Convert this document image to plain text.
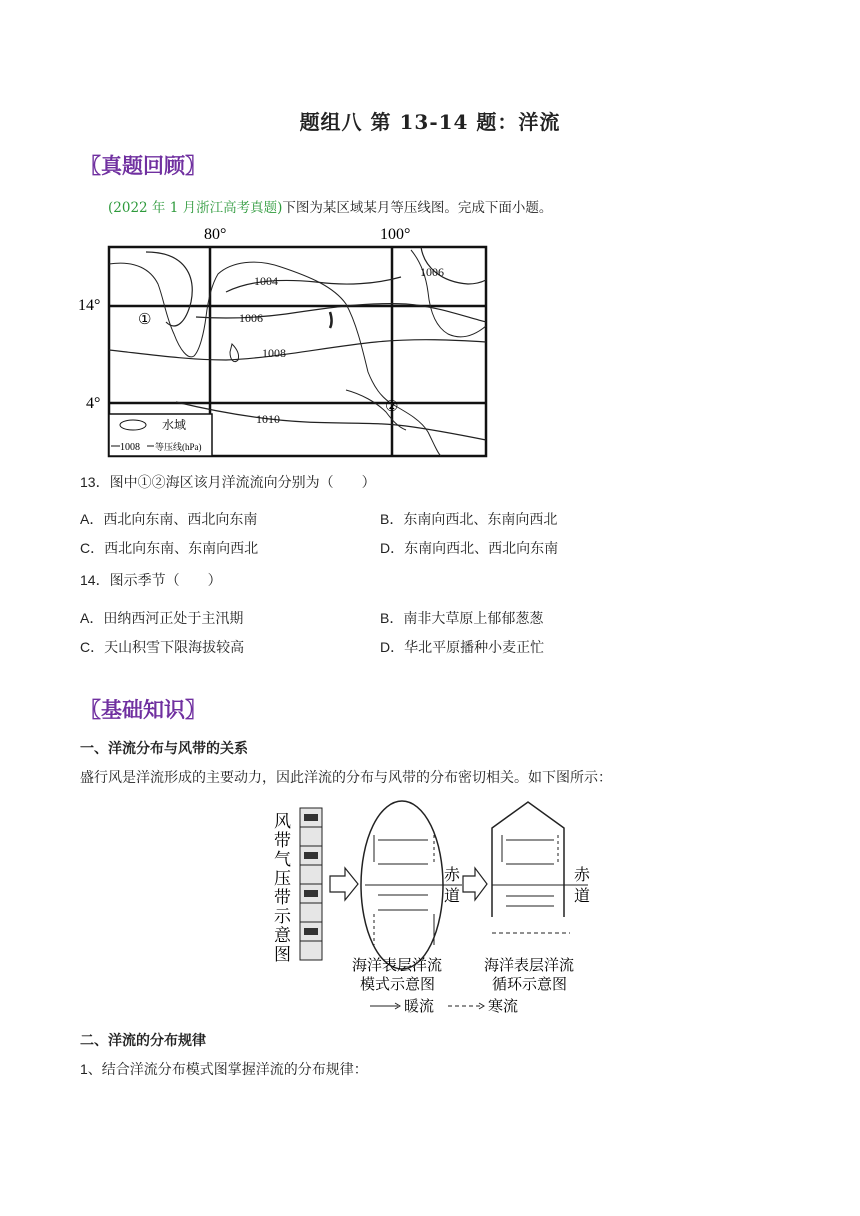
题组八 第 13-14 题：洋流
〖真题回顾〗
(2022 年 1 月浙江高考真题)下图为某区域某月等压线图。完成下面小题。
80°	100°
14°
4°
1004
1006
1008
1010
1006
①
②
水域
1008 等压线(hPa)
13．图中①②海区该月洋流流向分别为（　　）
A．西北向东南、西北向东南	B．东南向西北、东南向西北
C．西北向东南、东南向西北	D．东南向西北、西北向东南
14．图示季节（　　）
A．田纳西河正处于主汛期	B．南非大草原上郁郁葱葱
C．天山积雪下限海拔较高	D．华北平原播种小麦正忙
〖基础知识〗
一、洋流分布与风带的关系
盛行风是洋流形成的主要动力，因此洋流的分布与风带的分布密切相关。如下图所示：
风
带
气
压
带
示
意
图
赤
道
赤
道
海洋表层洋流
模式示意图
海洋表层洋流
循环示意图
暖流	寒流
二、洋流的分布规律
1、结合洋流分布模式图掌握洋流的分布规律：
